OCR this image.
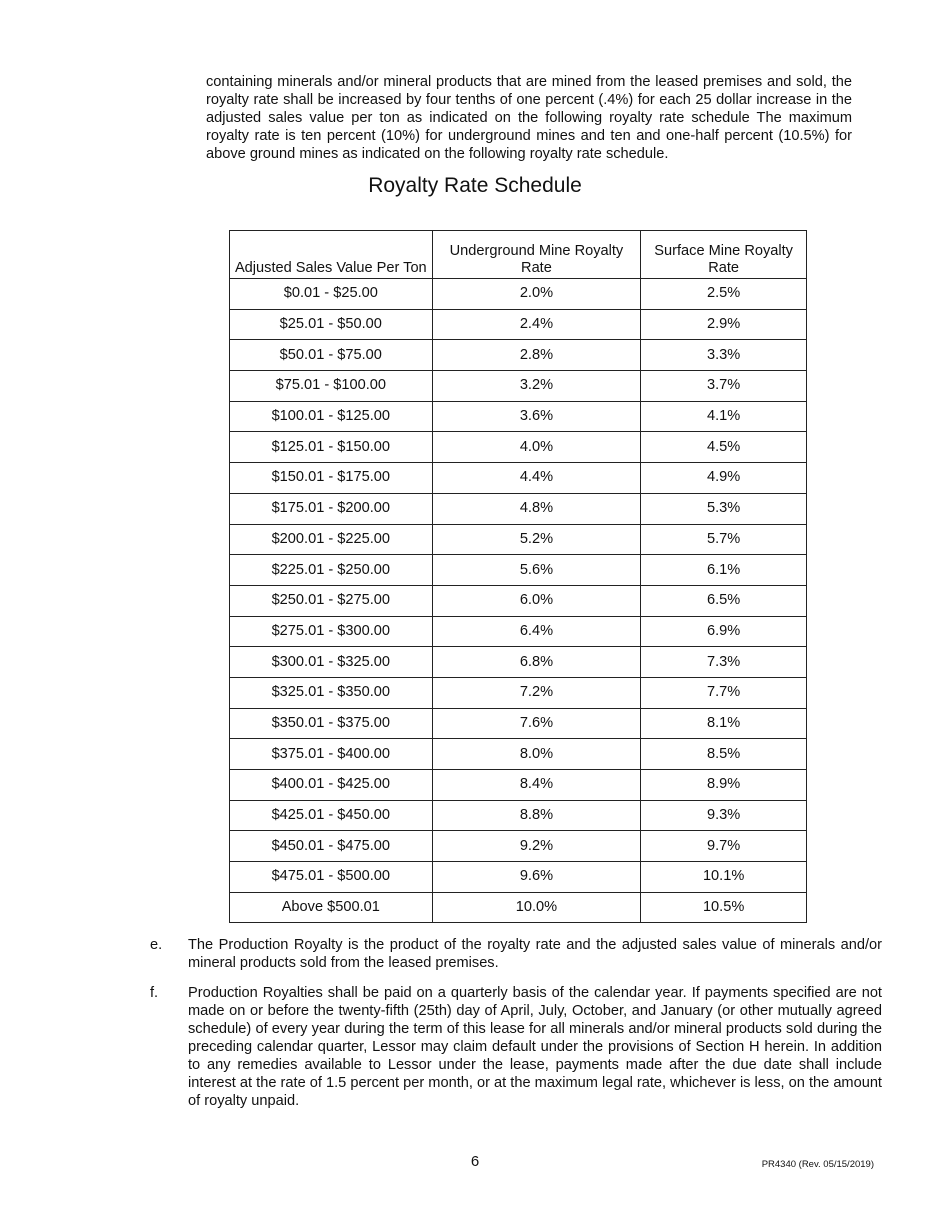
containing minerals and/or mineral products that are mined from the leased premises and sold, the royalty rate shall be increased by four tenths of one percent (.4%) for each 25 dollar increase in the adjusted sales value per ton as indicated on the following royalty rate schedule The maximum royalty rate is ten percent (10%) for underground mines and ten and one-half percent (10.5%) for above ground mines as indicated on the following royalty rate schedule.

Royalty Rate Schedule
Adjusted Sales Value Per Ton	Underground Mine Royalty Rate	Surface Mine Royalty Rate
$0.01 - $25.00	2.0%	2.5%
$25.01 - $50.00	2.4%	2.9%
$50.01 - $75.00	2.8%	3.3%
$75.01 - $100.00	3.2%	3.7%
$100.01 - $125.00	3.6%	4.1%
$125.01 - $150.00	4.0%	4.5%
$150.01 - $175.00	4.4%	4.9%
$175.01 - $200.00	4.8%	5.3%
$200.01 - $225.00	5.2%	5.7%
$225.01 - $250.00	5.6%	6.1%
$250.01 - $275.00	6.0%	6.5%
$275.01 - $300.00	6.4%	6.9%
$300.01 - $325.00	6.8%	7.3%
$325.01 - $350.00	7.2%	7.7%
$350.01 - $375.00	7.6%	8.1%
$375.01 - $400.00	8.0%	8.5%
$400.01 - $425.00	8.4%	8.9%
$425.01 - $450.00	8.8%	9.3%
$450.01 - $475.00	9.2%	9.7%
$475.01 - $500.00	9.6%	10.1%
Above $500.01	10.0%	10.5%
e. The Production Royalty is the product of the royalty rate and the adjusted sales value of minerals and/or mineral products sold from the leased premises.
f. Production Royalties shall be paid on a quarterly basis of the calendar year. If payments specified are not made on or before the twenty-fifth (25th) day of April, July, October, and January (or other mutually agreed schedule) of every year during the term of this lease for all minerals and/or mineral products sold during the preceding calendar quarter, Lessor may claim default under the provisions of Section H herein. In addition to any remedies available to Lessor under the lease, payments made after the due date shall include interest at the rate of 1.5 percent per month, or at the maximum legal rate, whichever is less, on the amount of royalty unpaid.
6	PR4340 (Rev. 05/15/2019)
